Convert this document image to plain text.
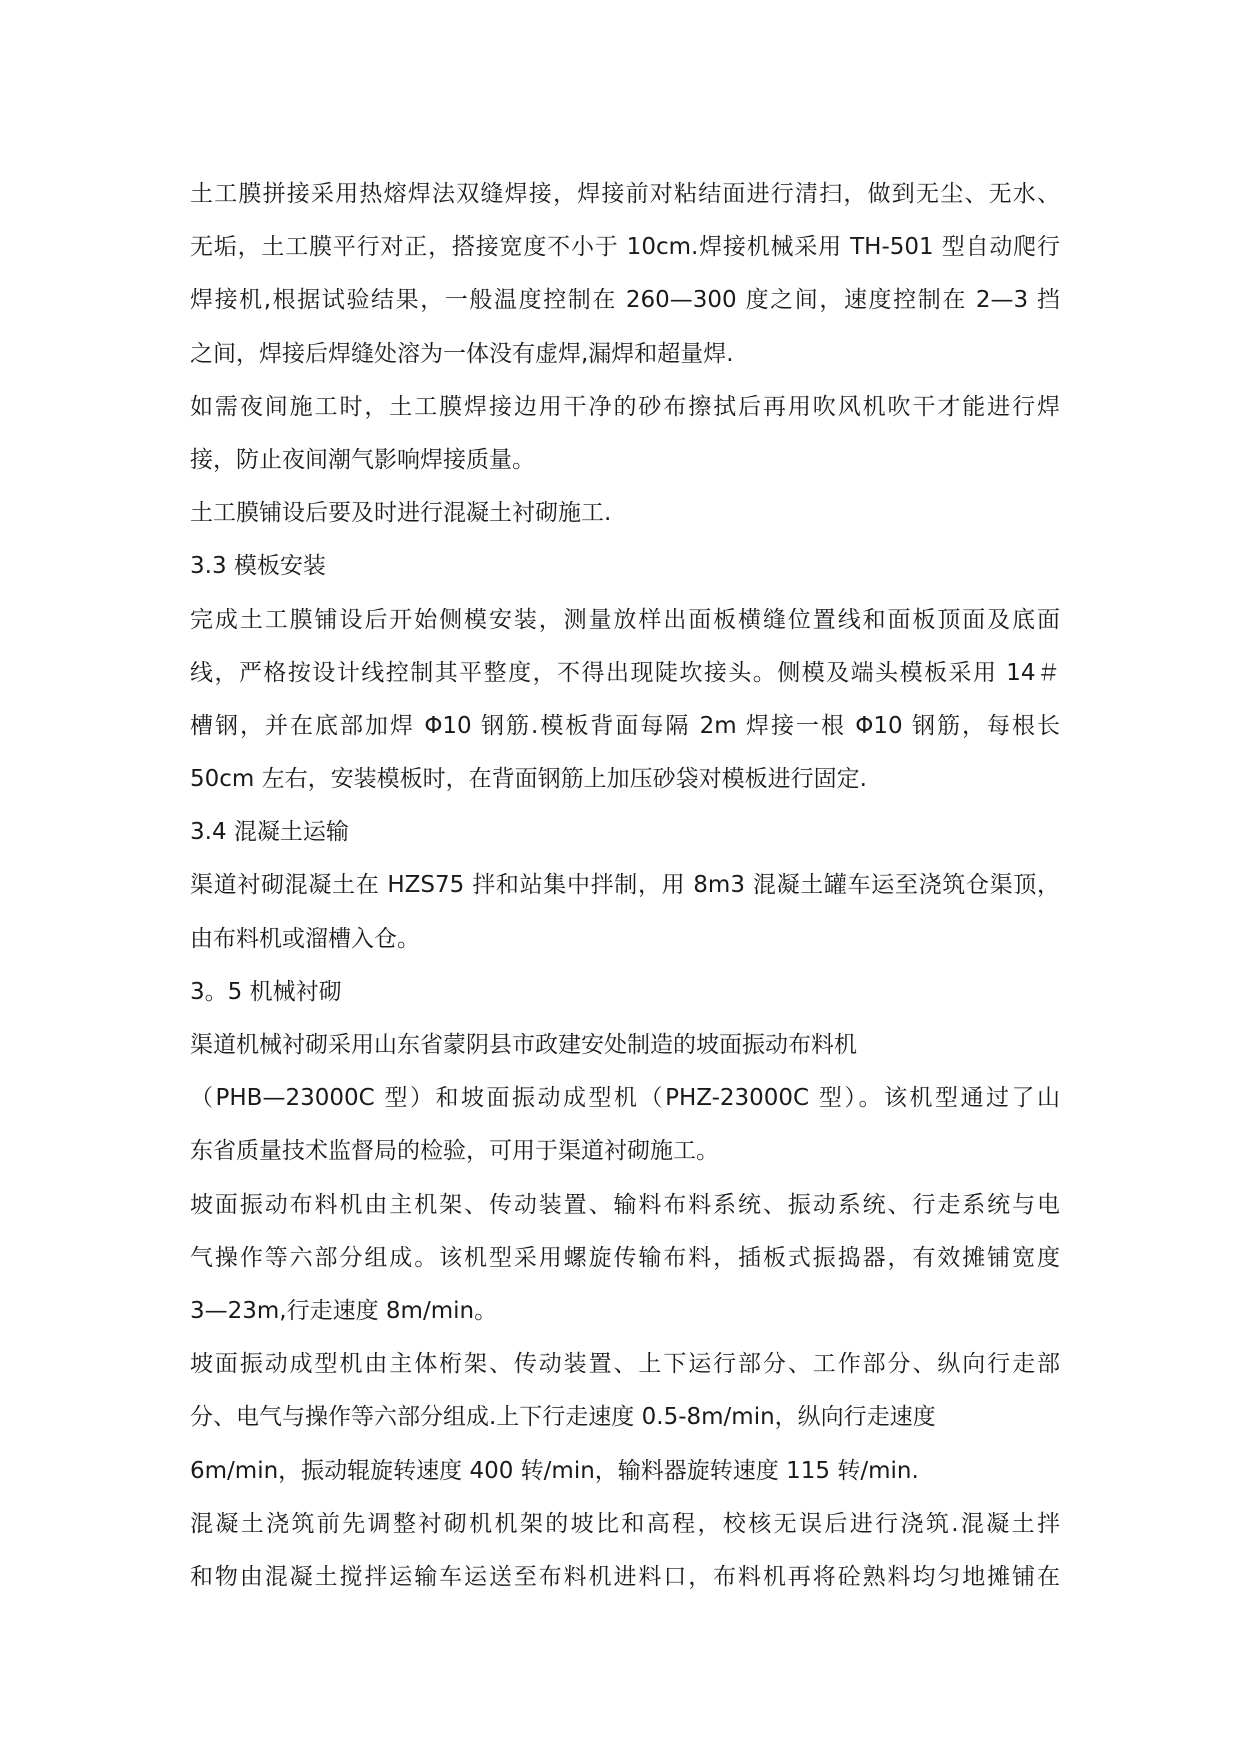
土工膜拼接采用热熔焊法双缝焊接，焊接前对粘结面进行清扫，做到无尘、无水、
无垢，土工膜平行对正，搭接宽度不小于 10cm.焊接机械采用 TH-501 型自动爬行
焊接机,根据试验结果，一般温度控制在 260—300 度之间，速度控制在 2—3 挡
之间，焊接后焊缝处溶为一体没有虚焊,漏焊和超量焊.
如需夜间施工时，土工膜焊接边用干净的砂布擦拭后再用吹风机吹干才能进行焊
接，防止夜间潮气影响焊接质量。
土工膜铺设后要及时进行混凝土衬砌施工.
3.3 模板安装
完成土工膜铺设后开始侧模安装，测量放样出面板横缝位置线和面板顶面及底面
线，严格按设计线控制其平整度，不得出现陡坎接头。侧模及端头模板采用 14＃
槽钢，并在底部加焊 Φ10 钢筋.模板背面每隔 2m 焊接一根 Φ10 钢筋，每根长
50cm 左右，安装模板时，在背面钢筋上加压砂袋对模板进行固定.
3.4 混凝土运输
渠道衬砌混凝土在 HZS75 拌和站集中拌制，用 8m3 混凝土罐车运至浇筑仓渠顶，
由布料机或溜槽入仓。
3。5 机械衬砌
渠道机械衬砌采用山东省蒙阴县市政建安处制造的坡面振动布料机
（PHB—23000C 型）和坡面振动成型机（PHZ-23000C 型）。该机型通过了山
东省质量技术监督局的检验，可用于渠道衬砌施工。
坡面振动布料机由主机架、传动装置、输料布料系统、振动系统、行走系统与电
气操作等六部分组成。该机型采用螺旋传输布料，插板式振捣器，有效摊铺宽度
3—23m,行走速度 8m/min。
坡面振动成型机由主体桁架、传动装置、上下运行部分、工作部分、纵向行走部
分、电气与操作等六部分组成.上下行走速度 0.5-8m/min，纵向行走速度
6m/min，振动辊旋转速度 400 转/min，输料器旋转速度 115 转/min.
混凝土浇筑前先调整衬砌机机架的坡比和高程，校核无误后进行浇筑.混凝土拌
和物由混凝土搅拌运输车运送至布料机进料口，布料机再将砼熟料均匀地摊铺在
